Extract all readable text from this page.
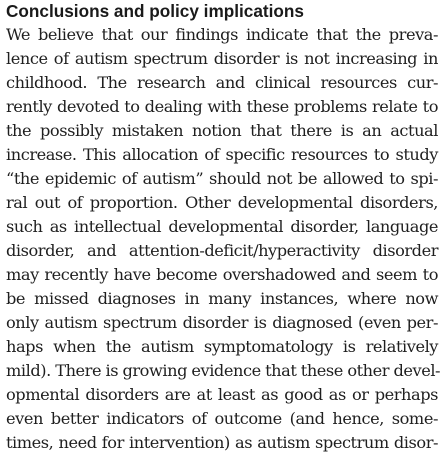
Conclusions and policy implications
We believe that our findings indicate that the preva-
lence of autism spectrum disorder is not increasing in
childhood. The research and clinical resources cur-
rently devoted to dealing with these problems relate to
the possibly mistaken notion that there is an actual
increase. This allocation of specific resources to study
“the epidemic of autism” should not be allowed to spi-
ral out of proportion. Other developmental disorders,
such as intellectual developmental disorder, language
disorder, and attention-deficit/hyperactivity disorder
may recently have become overshadowed and seem to
be missed diagnoses in many instances, where now
only autism spectrum disorder is diagnosed (even per-
haps when the autism symptomatology is relatively
mild). There is growing evidence that these other devel-
opmental disorders are at least as good as or perhaps
even better indicators of outcome (and hence, some-
times, need for intervention) as autism spectrum disor-
